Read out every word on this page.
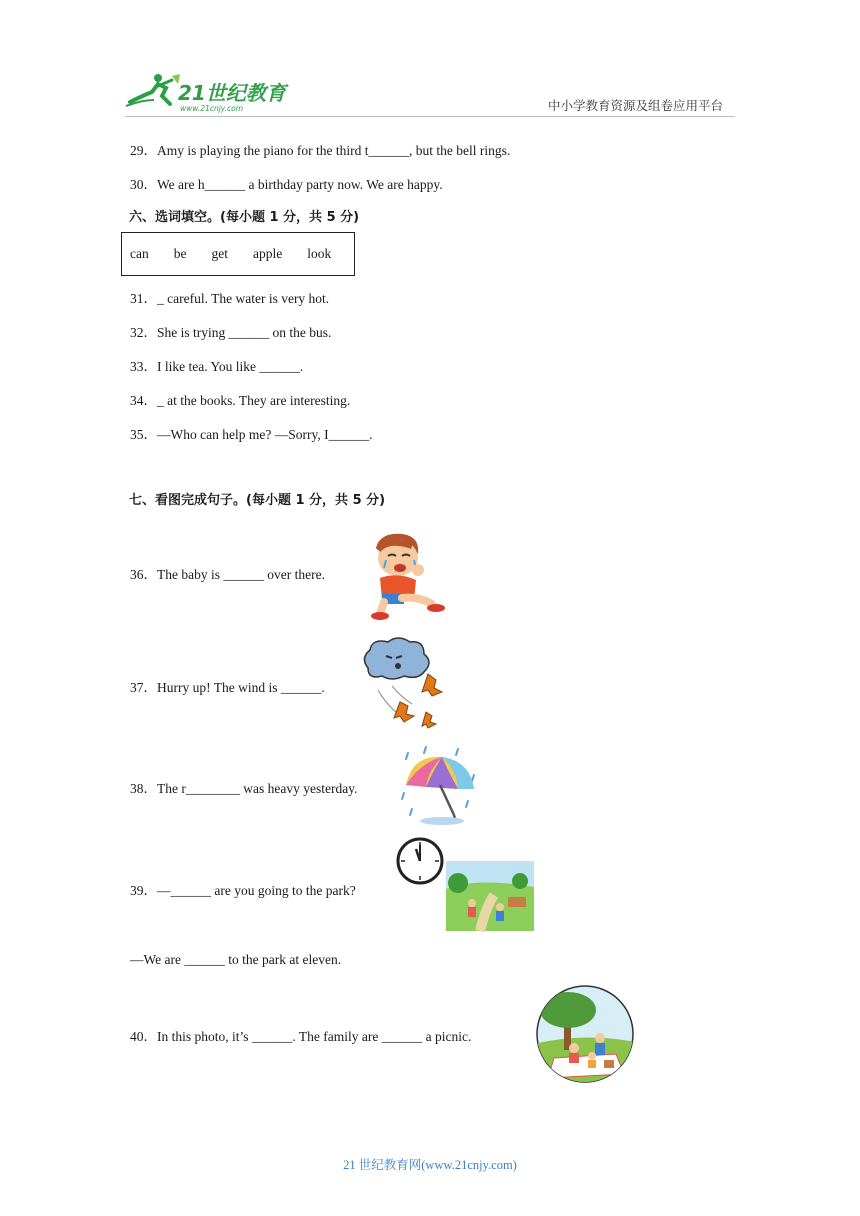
21世纪教育
www.21cnjy.com	中小学教育资源及组卷应用平台
29．Amy is playing the piano for the third t______, but the bell rings.
30．We are h______ a birthday party now. We are happy.
六、选词填空。(每小题 1 分，共 5 分)
can be get apple look
31．_ careful. The water is very hot.
32．She is trying ______ on the bus.
33．I like tea. You like ______.
34．_ at the books. They are interesting.
35．—Who can help me? —Sorry, I______.
七、看图完成句子。(每小题 1 分，共 5 分)
36．The baby is ______ over there.
37．Hurry up! The wind is ______.
38．The r________ was heavy yesterday.
39．—______ are you going to the park?
—We are ______ to the park at eleven.
40．In this photo, it’s ______. The family are ______ a picnic.
21 世纪教育网(www.21cnjy.com)
